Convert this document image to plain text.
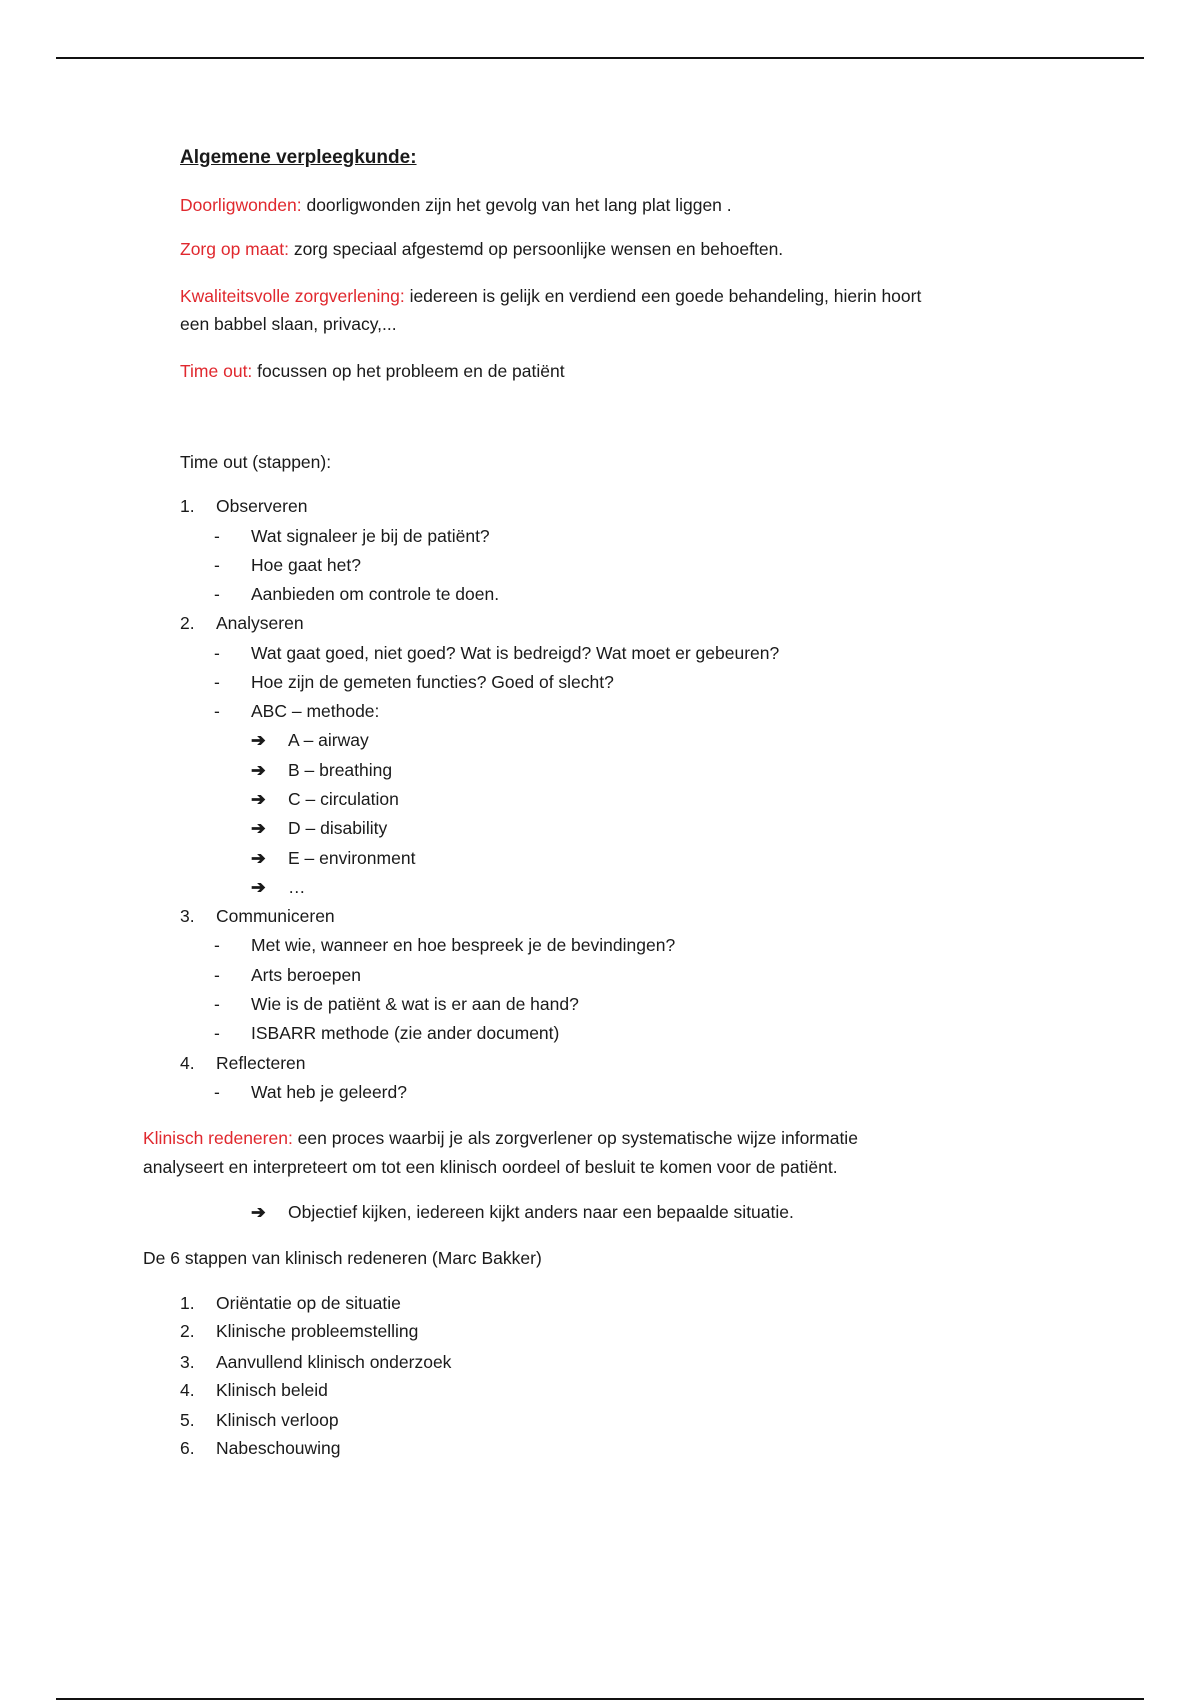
Algemene verpleegkunde:
Doorligwonden: doorligwonden zijn het gevolg van het lang plat liggen .
Zorg op maat: zorg speciaal afgestemd op persoonlijke wensen en behoeften.
Kwaliteitsvolle zorgverlening: iedereen is gelijk en verdiend een goede behandeling, hierin hoort
een babbel slaan, privacy,...
Time out: focussen op het probleem en de patiënt
Time out (stappen):
1. Observeren
- Wat signaleer je bij de patiënt?
- Hoe gaat het?
- Aanbieden om controle te doen.
2. Analyseren
- Wat gaat goed, niet goed? Wat is bedreigd? Wat moet er gebeuren?
- Hoe zijn de gemeten functies? Goed of slecht?
- ABC – methode:
➔ A – airway
➔ B – breathing
➔ C – circulation
➔ D – disability
➔ E – environment
➔ …
3. Communiceren
- Met wie, wanneer en hoe bespreek je de bevindingen?
- Arts beroepen
- Wie is de patiënt & wat is er aan de hand?
- ISBARR methode (zie ander document)
4. Reflecteren
- Wat heb je geleerd?
Klinisch redeneren: een proces waarbij je als zorgverlener op systematische wijze informatie
analyseert en interpreteert om tot een klinisch oordeel of besluit te komen voor de patiënt.
➔ Objectief kijken, iedereen kijkt anders naar een bepaalde situatie.
De 6 stappen van klinisch redeneren (Marc Bakker)
1. Oriëntatie op de situatie
2. Klinische probleemstelling
3. Aanvullend klinisch onderzoek
4. Klinisch beleid
5. Klinisch verloop
6. Nabeschouwing
